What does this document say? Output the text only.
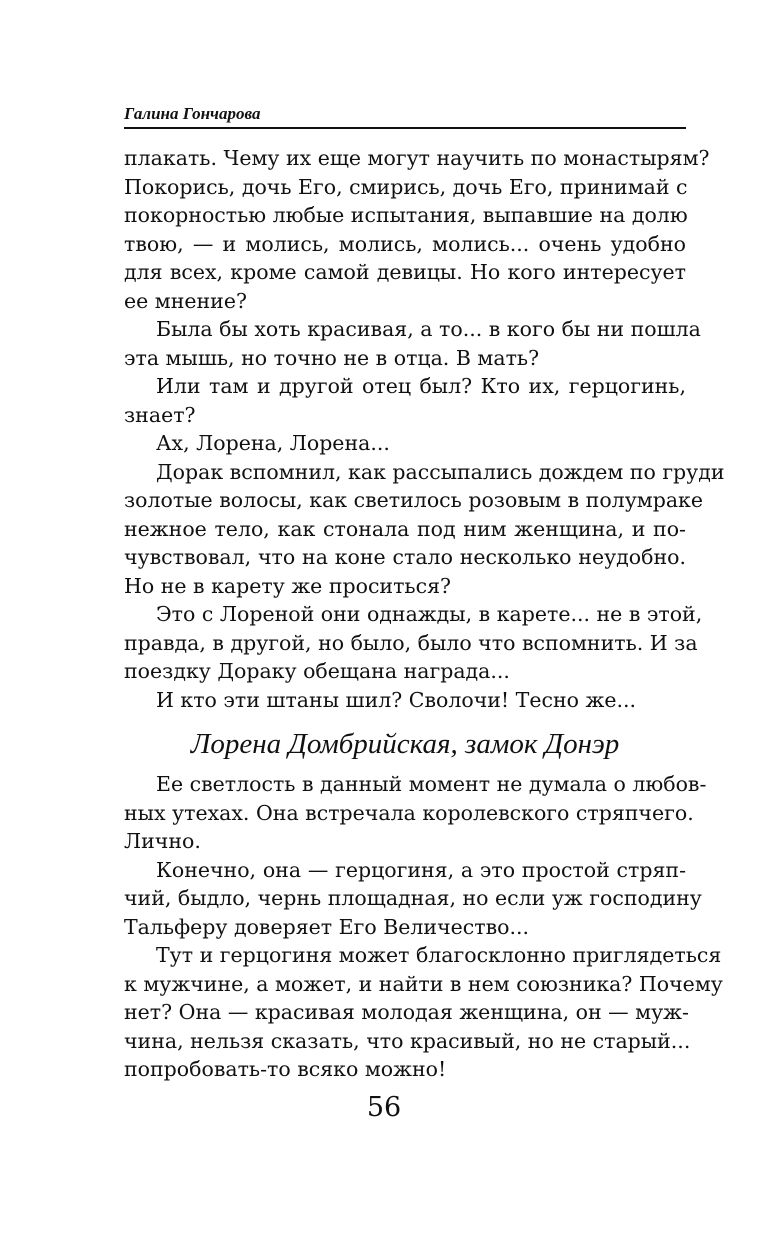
Галина Гончарова
плакать. Чему их еще могут научить по монастырям?
Покорись, дочь Его, смирись, дочь Его, принимай с
покорностью любые испытания, выпавшие на долю
твою, — и молись, молись, молись... очень удобно
для всех, кроме самой девицы. Но кого интересует
ее мнение?
Была бы хоть красивая, а то... в кого бы ни пошла
эта мышь, но точно не в отца. В мать?
Или там и другой отец был? Кто их, герцогинь,
знает?
Ах, Лорена, Лорена...
Дорак вспомнил, как рассыпались дождем по груди
золотые волосы, как светилось розовым в полумраке
нежное тело, как стонала под ним женщина, и по-
чувствовал, что на коне стало несколько неудобно.
Но не в карету же проситься?
Это с Лореной они однажды, в карете... не в этой,
правда, в другой, но было, было что вспомнить. И за
поездку Дораку обещана награда...
И кто эти штаны шил? Сволочи! Тесно же...
Лорена Домбрийская, замок Донэр
Ее светлость в данный момент не думала о любов-
ных утехах. Она встречала королевского стряпчего.
Лично.
Конечно, она — герцогиня, а это простой стряп-
чий, быдло, чернь площадная, но если уж господину
Тальферу доверяет Его Величество...
Тут и герцогиня может благосклонно приглядеться
к мужчине, а может, и найти в нем союзника? Почему
нет? Она — красивая молодая женщина, он — муж-
чина, нельзя сказать, что красивый, но не старый...
попробовать-то всяко можно!
56
